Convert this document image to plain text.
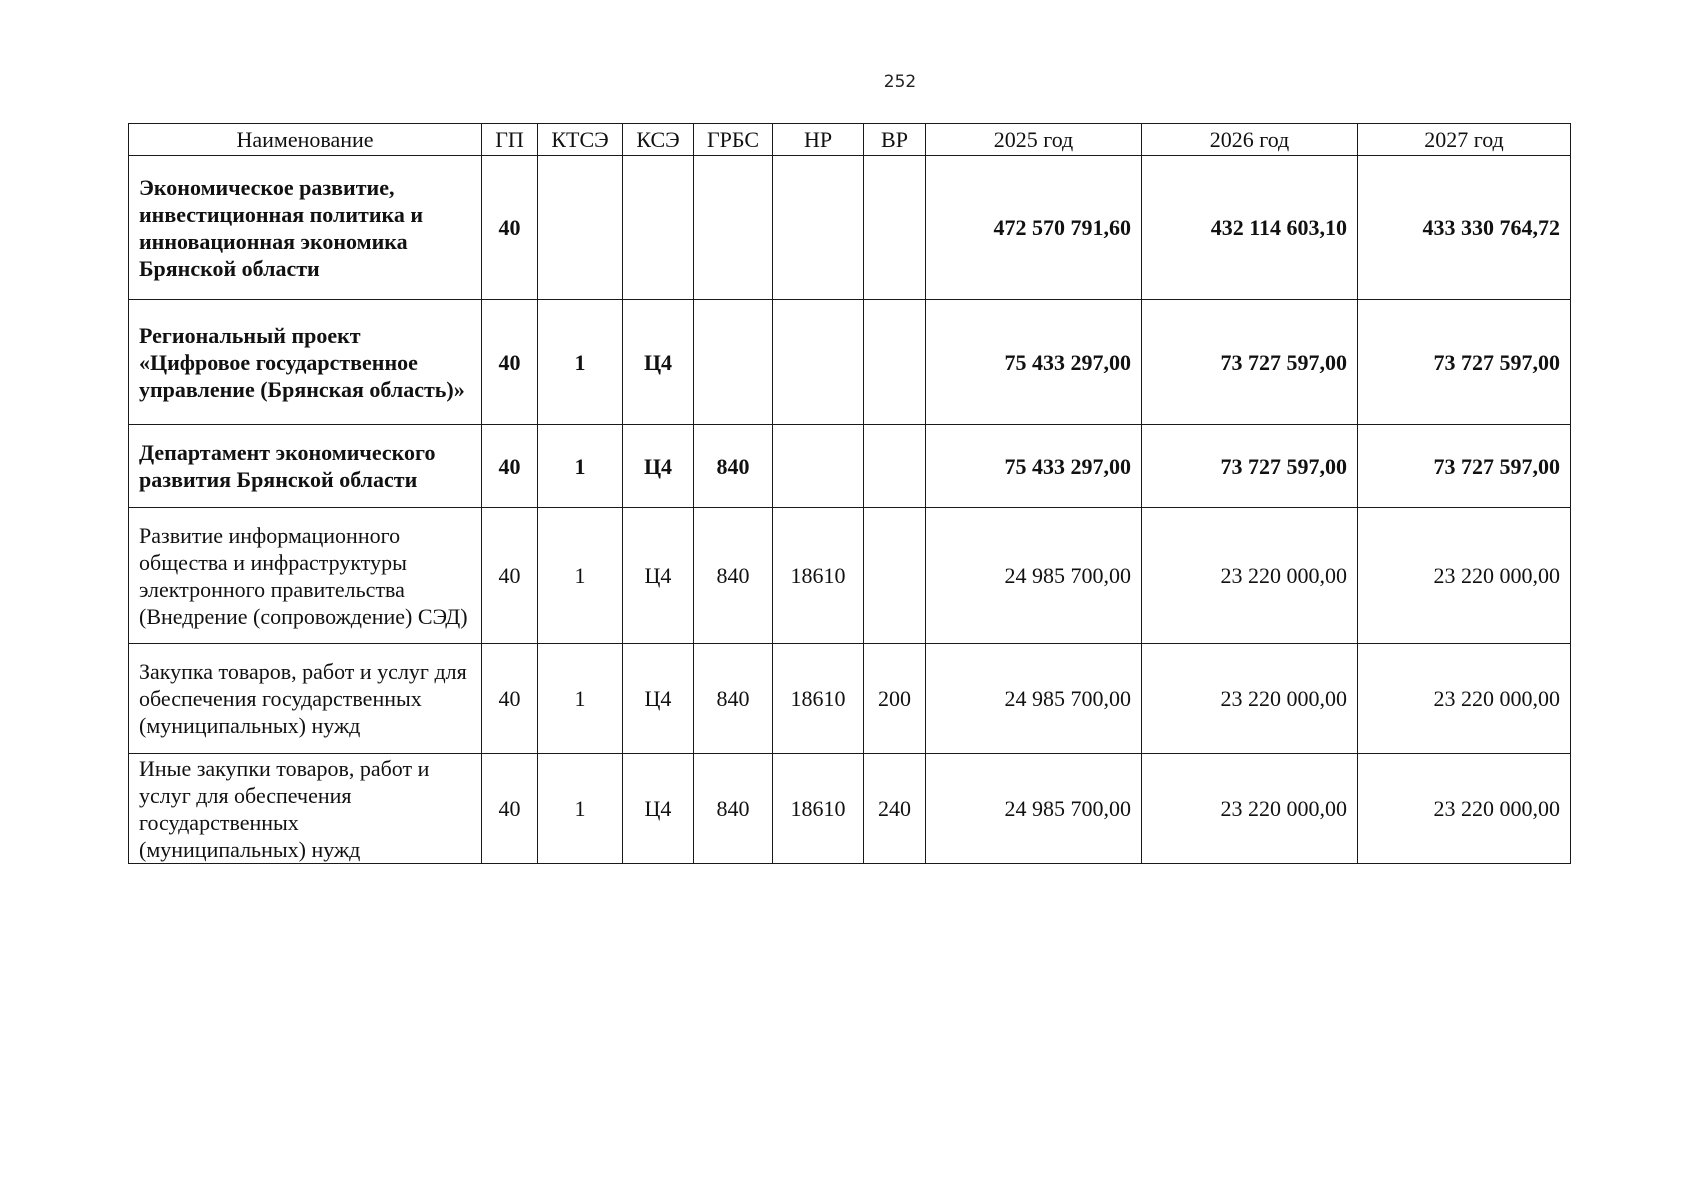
252
Наименование	ГП	КТСЭ	КСЭ	ГРБС	НР	ВР	2025 год	2026 год	2027 год
Экономическое развитие, инвестиционная политика и инновационная экономика Брянской области	40						472 570 791,60	432 114 603,10	433 330 764,72
Региональный проект «Цифровое государственное управление (Брянская область)»	40	1	Ц4				75 433 297,00	73 727 597,00	73 727 597,00
Департамент экономического развития Брянской области	40	1	Ц4	840			75 433 297,00	73 727 597,00	73 727 597,00
Развитие информационного общества и инфраструктуры электронного правительства (Внедрение (сопровождение) СЭД)	40	1	Ц4	840	18610		24 985 700,00	23 220 000,00	23 220 000,00
Закупка товаров, работ и услуг для обеспечения государственных (муниципальных) нужд	40	1	Ц4	840	18610	200	24 985 700,00	23 220 000,00	23 220 000,00
Иные закупки товаров, работ и услуг для обеспечения государственных (муниципальных) нужд	40	1	Ц4	840	18610	240	24 985 700,00	23 220 000,00	23 220 000,00
